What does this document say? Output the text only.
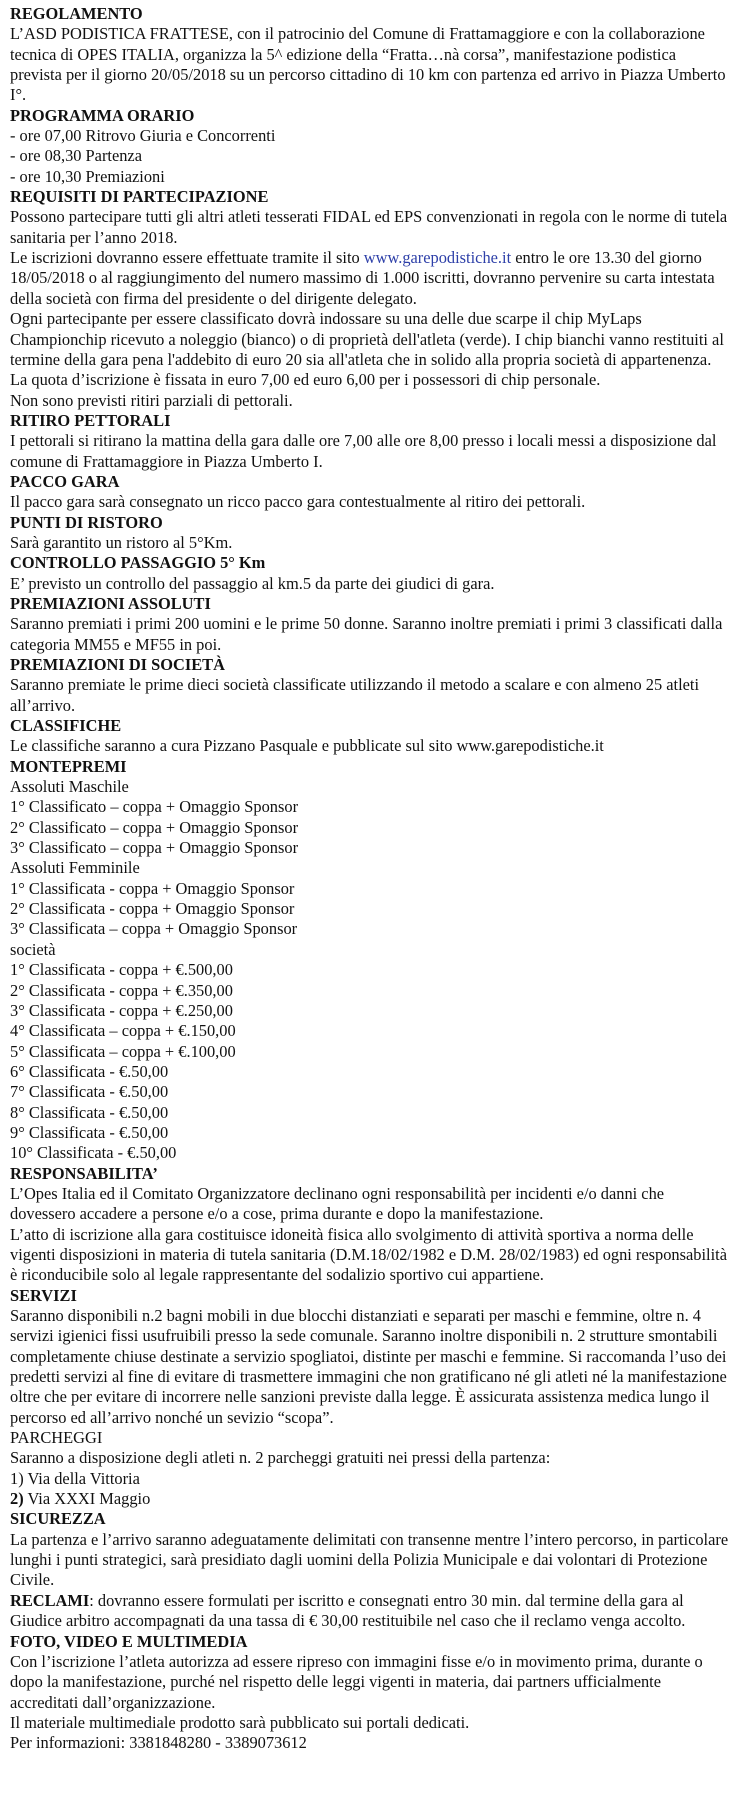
REGOLAMENTO
L’ASD PODISTICA FRATTESE, con il patrocinio del Comune di Frattamaggiore e con la collaborazione tecnica di OPES ITALIA, organizza la 5^ edizione della “Fratta…nà corsa”, manifestazione podistica prevista per il giorno 20/05/2018 su un percorso cittadino di 10 km con partenza ed arrivo in Piazza Umberto I°.
PROGRAMMA ORARIO
- ore 07,00 Ritrovo Giuria e Concorrenti
- ore 08,30 Partenza
- ore 10,30 Premiazioni
REQUISITI DI PARTECIPAZIONE
Possono partecipare tutti gli altri atleti tesserati FIDAL ed EPS convenzionati in regola con le norme di tutela sanitaria per l’anno 2018.
Le iscrizioni dovranno essere effettuate tramite il sito www.garepodistiche.it entro le ore 13.30 del giorno 18/05/2018 o al raggiungimento del numero massimo di 1.000 iscritti, dovranno pervenire su carta intestata della società con firma del presidente o del dirigente delegato.
Ogni partecipante per essere classificato dovrà indossare su una delle due scarpe il chip MyLaps Championchip ricevuto a noleggio (bianco) o di proprietà dell'atleta (verde). I chip bianchi vanno restituiti al termine della gara pena l'addebito di euro 20 sia all'atleta che in solido alla propria società di appartenenza.
La quota d’iscrizione è fissata in euro 7,00 ed euro 6,00 per i possessori di chip personale.
Non sono previsti ritiri parziali di pettorali.
RITIRO PETTORALI
I pettorali si ritirano la mattina della gara dalle ore 7,00 alle ore 8,00 presso i locali messi a disposizione dal comune di Frattamaggiore in Piazza Umberto I.
PACCO GARA
Il pacco gara sarà consegnato un ricco pacco gara contestualmente al ritiro dei pettorali.
PUNTI DI RISTORO
Sarà garantito un ristoro al 5°Km.
CONTROLLO PASSAGGIO 5° Km
E’ previsto un controllo del passaggio al km.5 da parte dei giudici di gara.
PREMIAZIONI ASSOLUTI
Saranno premiati i primi 200 uomini e le prime 50 donne. Saranno inoltre premiati i primi 3 classificati dalla categoria MM55 e MF55 in poi.
PREMIAZIONI DI SOCIETÀ
Saranno premiate le prime dieci società classificate utilizzando il metodo a scalare e con almeno 25 atleti all’arrivo.
CLASSIFICHE
Le classifiche saranno a cura Pizzano Pasquale e pubblicate sul sito www.garepodistiche.it
MONTEPREMI
Assoluti Maschile
1° Classificato – coppa + Omaggio Sponsor
2° Classificato – coppa + Omaggio Sponsor
3° Classificato – coppa + Omaggio Sponsor
Assoluti Femminile
1° Classificata - coppa + Omaggio Sponsor
2° Classificata - coppa + Omaggio Sponsor
3° Classificata – coppa + Omaggio Sponsor
società
1° Classificata - coppa + €.500,00
2° Classificata - coppa + €.350,00
3° Classificata - coppa + €.250,00
4° Classificata – coppa + €.150,00
5° Classificata – coppa + €.100,00
6° Classificata - €.50,00
7° Classificata - €.50,00
8° Classificata - €.50,00
9° Classificata - €.50,00
10° Classificata - €.50,00
RESPONSABILITA’
L’Opes Italia ed il Comitato Organizzatore declinano ogni responsabilità per incidenti e/o danni che dovessero accadere a persone e/o a cose, prima durante e dopo la manifestazione.
L’atto di iscrizione alla gara costituisce idoneità fisica allo svolgimento di attività sportiva a norma delle vigenti disposizioni in materia di tutela sanitaria (D.M.18/02/1982 e D.M. 28/02/1983) ed ogni responsabilità è riconducibile solo al legale rappresentante del sodalizio sportivo cui appartiene.
SERVIZI
Saranno disponibili n.2 bagni mobili in due blocchi distanziati e separati per maschi e femmine, oltre n. 4 servizi igienici fissi usufruibili presso la sede comunale. Saranno inoltre disponibili n. 2 strutture smontabili completamente chiuse destinate a servizio spogliatoi, distinte per maschi e femmine. Si raccomanda l’uso dei predetti servizi al fine di evitare di trasmettere immagini che non gratificano né gli atleti né la manifestazione oltre che per evitare di incorrere nelle sanzioni previste dalla legge. È assicurata assistenza medica lungo il percorso ed all’arrivo nonché un sevizio “scopa”.
PARCHEGGI
Saranno a disposizione degli atleti n. 2 parcheggi gratuiti nei pressi della partenza:
1) Via della Vittoria
2) Via XXXI Maggio
SICUREZZA
La partenza e l’arrivo saranno adeguatamente delimitati con transenne mentre l’intero percorso, in particolare lunghi i punti strategici, sarà presidiato dagli uomini della Polizia Municipale e dai volontari di Protezione Civile.
RECLAMI: dovranno essere formulati per iscritto e consegnati entro 30 min. dal termine della gara al Giudice arbitro accompagnati da una tassa di € 30,00 restituibile nel caso che il reclamo venga accolto.
FOTO, VIDEO E MULTIMEDIA
Con l’iscrizione l’atleta autorizza ad essere ripreso con immagini fisse e/o in movimento prima, durante o dopo la manifestazione, purché nel rispetto delle leggi vigenti in materia, dai partners ufficialmente accreditati dall’organizzazione.
Il materiale multimediale prodotto sarà pubblicato sui portali dedicati.
Per informazioni: 3381848280 - 3389073612
